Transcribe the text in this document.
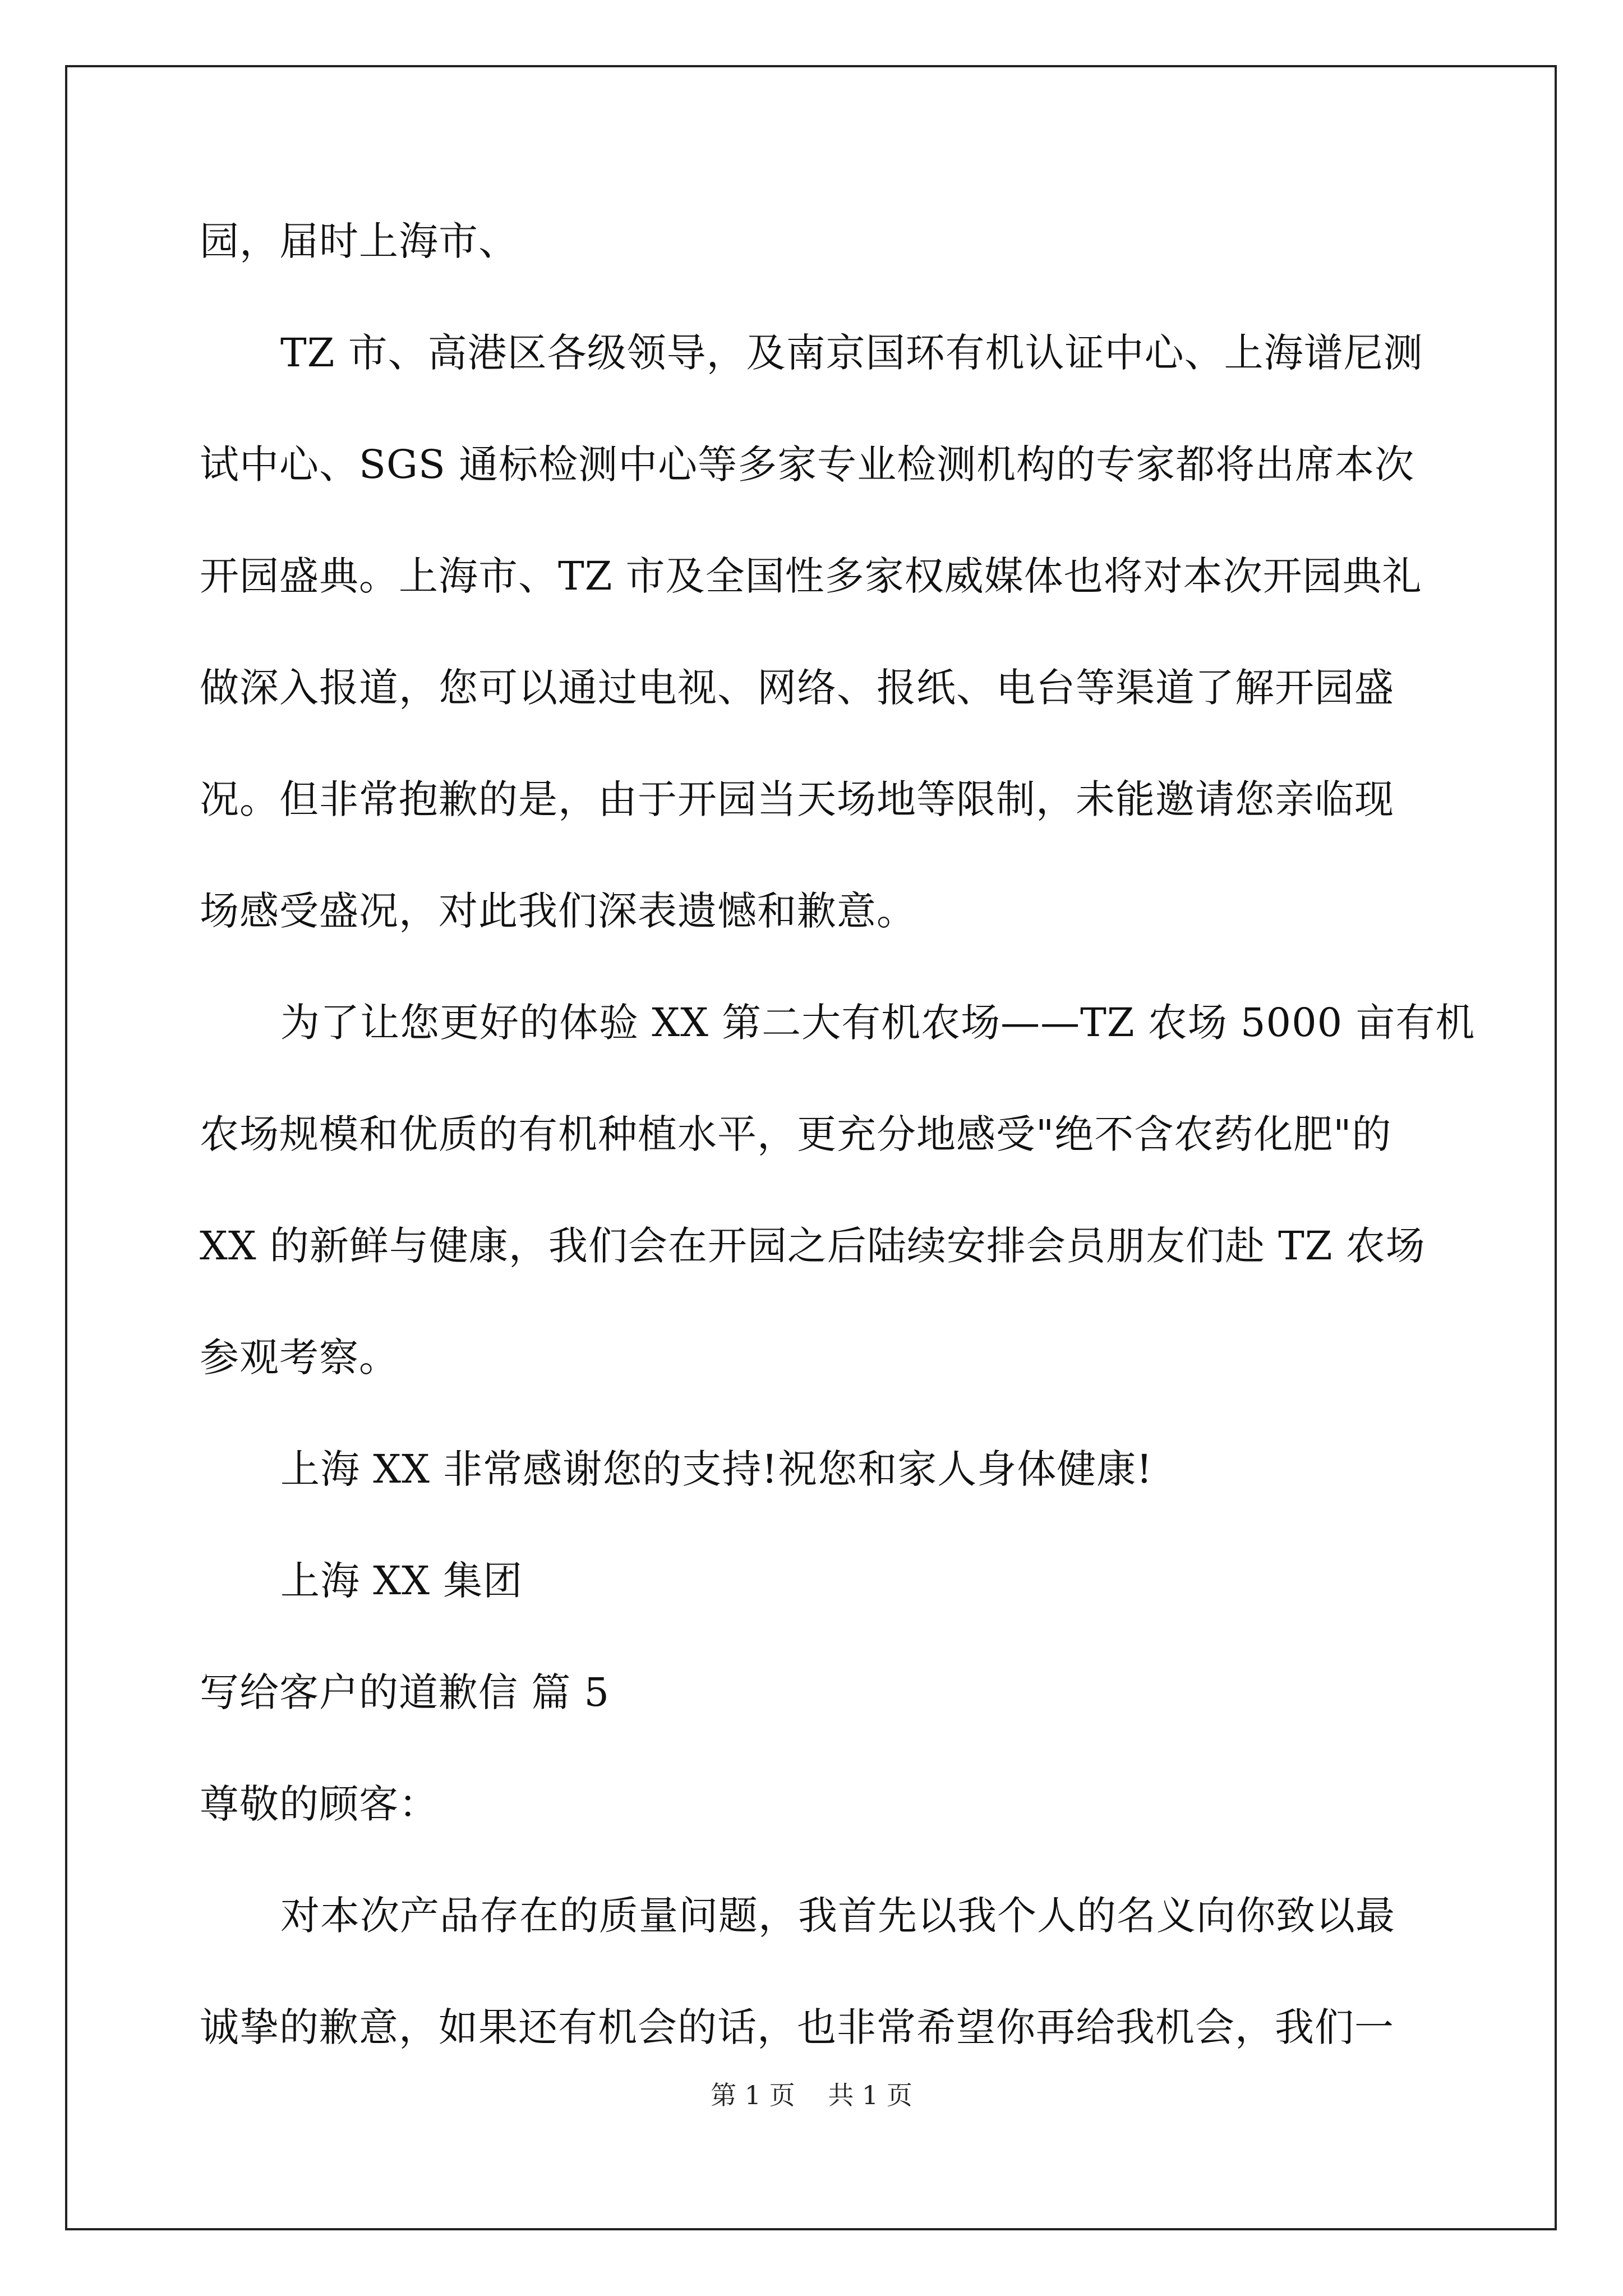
园，届时上海市、
TZ 市、高港区各级领导，及南京国环有机认证中心、上海谱尼测
试中心、SGS 通标检测中心等多家专业检测机构的专家都将出席本次
开园盛典。上海市、TZ 市及全国性多家权威媒体也将对本次开园典礼
做深入报道，您可以通过电视、网络、报纸、电台等渠道了解开园盛
况。但非常抱歉的是，由于开园当天场地等限制，未能邀请您亲临现
场感受盛况，对此我们深表遗憾和歉意。
为了让您更好的体验 XX 第二大有机农场——TZ 农场 5000 亩有机
农场规模和优质的有机种植水平，更充分地感受"绝不含农药化肥"的
XX 的新鲜与健康，我们会在开园之后陆续安排会员朋友们赴 TZ 农场
参观考察。
上海 XX 非常感谢您的支持!祝您和家人身体健康!
上海 XX 集团
写给客户的道歉信 篇 5
尊敬的顾客：
对本次产品存在的质量问题，我首先以我个人的名义向你致以最
诚挚的歉意，如果还有机会的话，也非常希望你再给我机会，我们一
第 1 页 共 1 页
